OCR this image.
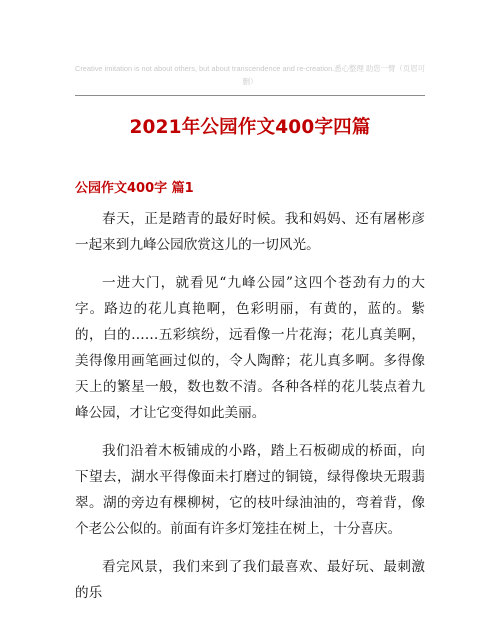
Creative imitation is not about others, but about transcendence and re-creation.悉心整理 助您一臂（页眉可删）
2021年公园作文400字四篇
公园作文400字 篇1

春天，正是踏青的最好时候。我和妈妈、还有屠彬彦一起来到九峰公园欣赏这儿的一切风光。

一进大门，就看见“九峰公园”这四个苍劲有力的大字。路边的花儿真艳啊，色彩明丽，有黄的，蓝的。紫的，白的……五彩缤纷，远看像一片花海；花儿真美啊，美得像用画笔画过似的，令人陶醉；花儿真多啊。多得像天上的繁星一般，数也数不清。各种各样的花儿装点着九峰公园，才让它变得如此美丽。

我们沿着木板铺成的小路，踏上石板砌成的桥面，向下望去，湖水平得像面未打磨过的铜镜，绿得像块无瑕翡翠。湖的旁边有棵柳树，它的枝叶绿油油的，弯着背，像个老公公似的。前面有许多灯笼挂在树上，十分喜庆。

看完风景，我们来到了我们最喜欢、最好玩、最刺激的乐
